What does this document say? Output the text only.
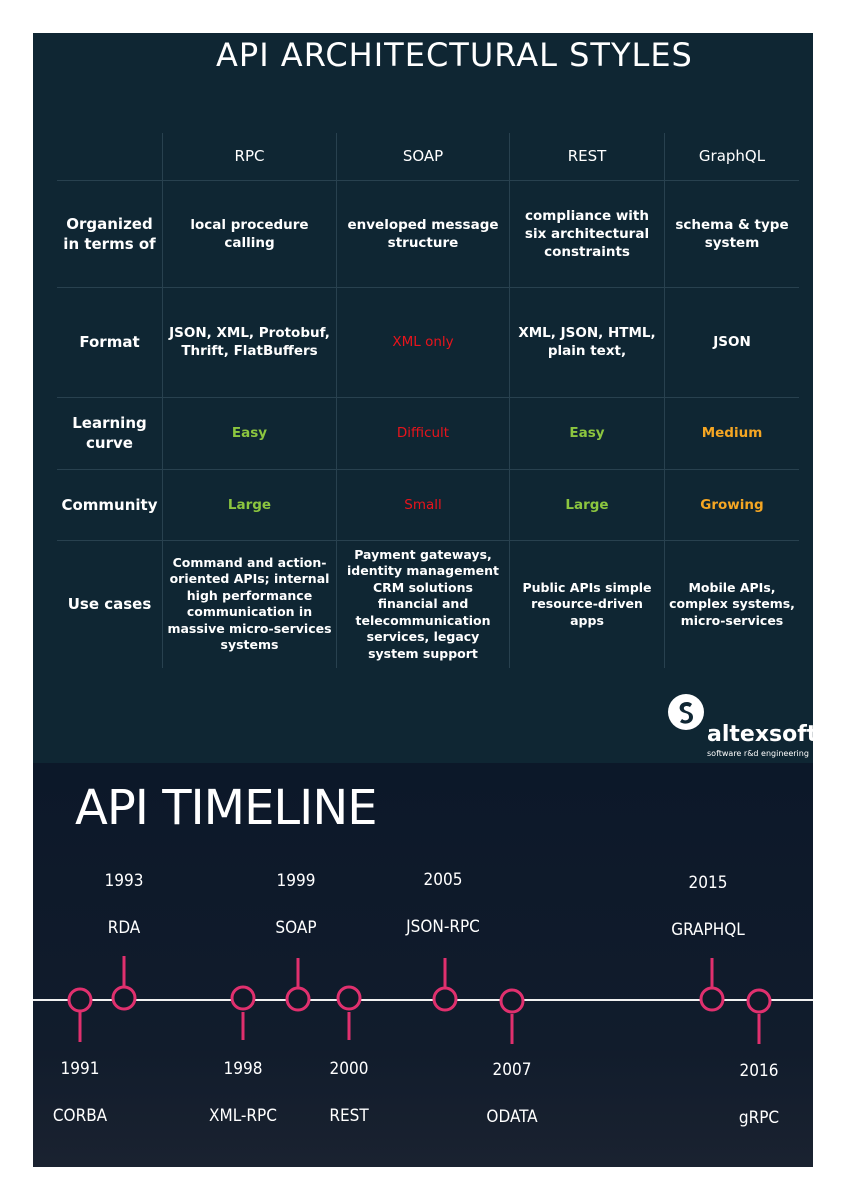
API ARCHITECTURAL STYLES
	RPC	SOAP	REST	GraphQL
Organized in terms of	local procedure calling	enveloped message structure	compliance with six architectural constraints	schema & type system
Format	JSON, XML, Protobuf, Thrift, FlatBuffers	XML only	XML, JSON, HTML, plain text,	JSON
Learning curve	Easy	Difficult	Easy	Medium
Community	Large	Small	Large	Growing
Use cases	Command and action-oriented APIs; internal high performance communication in massive micro-services systems	Payment gateways, identity management CRM solutions financial and telecommunication services, legacy system support	Public APIs simple resource-driven apps	Mobile APIs, complex systems, micro-services
altexsoft
software r&d engineering
API TIMELINE
1993
RDA
1999
SOAP
2005
JSON-RPC
2015
GRAPHQL
1991
CORBA
1998
XML-RPC
2000
REST
2007
ODATA
2016
gRPC
